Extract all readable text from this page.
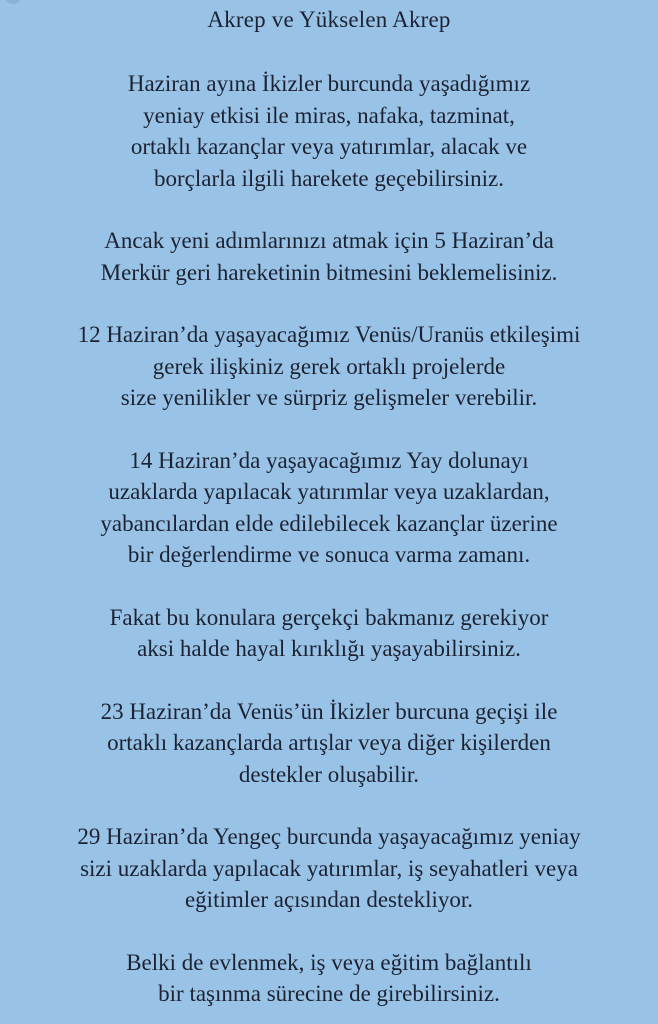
Akrep ve Yükselen Akrep

Haziran ayına İkizler burcunda yaşadığımız
yeniay etkisi ile miras, nafaka, tazminat,
ortaklı kazançlar veya yatırımlar, alacak ve
borçlarla ilgili harekete geçebilirsiniz.

Ancak yeni adımlarınızı atmak için 5 Haziran’da
Merkür geri hareketinin bitmesini beklemelisiniz.

12 Haziran’da yaşayacağımız Venüs/Uranüs etkileşimi
gerek ilişkiniz gerek ortaklı projelerde
size yenilikler ve sürpriz gelişmeler verebilir.

14 Haziran’da yaşayacağımız Yay dolunayı
uzaklarda yapılacak yatırımlar veya uzaklardan,
yabancılardan elde edilebilecek kazançlar üzerine
bir değerlendirme ve sonuca varma zamanı.

Fakat bu konulara gerçekçi bakmanız gerekiyor
aksi halde hayal kırıklığı yaşayabilirsiniz.

23 Haziran’da Venüs’ün İkizler burcuna geçişi ile
ortaklı kazançlarda artışlar veya diğer kişilerden
destekler oluşabilir.

29 Haziran’da Yengeç burcunda yaşayacağımız yeniay
sizi uzaklarda yapılacak yatırımlar, iş seyahatleri veya
eğitimler açısından destekliyor.

Belki de evlenmek, iş veya eğitim bağlantılı
bir taşınma sürecine de girebilirsiniz.
